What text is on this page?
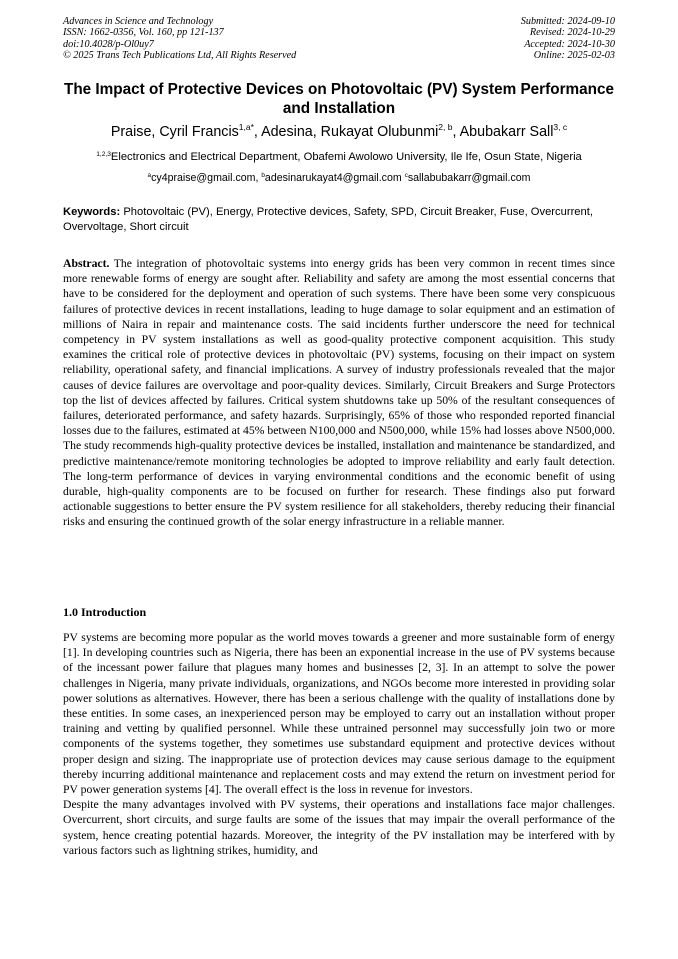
Advances in Science and Technology
ISSN: 1662-0356, Vol. 160, pp 121-137
doi:10.4028/p-Ol0uy7
© 2025 Trans Tech Publications Ltd, All Rights Reserved
Submitted: 2024-09-10
Revised: 2024-10-29
Accepted: 2024-10-30
Online: 2025-02-03
The Impact of Protective Devices on Photovoltaic (PV) System Performance and Installation
Praise, Cyril Francis$^{1,a*}$, Adesina, Rukayat Olubunmi$^{2, b}$, Abubakarr Sall$^{3, c}$
$^{1,2,3}$Electronics and Electrical Department, Obafemi Awolowo University, Ile Ife, Osun State, Nigeria
$^a$cy4praise@gmail.com, $^b$adesinarukayat4@gmail.com $^c$sallabubakarr@gmail.com
Keywords: Photovoltaic (PV), Energy, Protective devices, Safety, SPD, Circuit Breaker, Fuse, Overcurrent, Overvoltage, Short circuit
Abstract. The integration of photovoltaic systems into energy grids has been very common in recent times since more renewable forms of energy are sought after. Reliability and safety are among the most essential concerns that have to be considered for the deployment and operation of such systems. There have been some very conspicuous failures of protective devices in recent installations, leading to huge damage to solar equipment and an estimation of millions of Naira in repair and maintenance costs. The said incidents further underscore the need for technical competency in PV system installations as well as good-quality protective component acquisition. This study examines the critical role of protective devices in photovoltaic (PV) systems, focusing on their impact on system reliability, operational safety, and financial implications. A survey of industry professionals revealed that the major causes of device failures are overvoltage and poor-quality devices. Similarly, Circuit Breakers and Surge Protectors top the list of devices affected by failures. Critical system shutdowns take up 50% of the resultant consequences of failures, deteriorated performance, and safety hazards. Surprisingly, 65% of those who responded reported financial losses due to the failures, estimated at 45% between N100,000 and N500,000, while 15% had losses above N500,000. The study recommends high-quality protective devices be installed, installation and maintenance be standardized, and predictive maintenance/remote monitoring technologies be adopted to improve reliability and early fault detection. The long-term performance of devices in varying environmental conditions and the economic benefit of using durable, high-quality components are to be focused on further for research. These findings also put forward actionable suggestions to better ensure the PV system resilience for all stakeholders, thereby reducing their financial risks and ensuring the continued growth of the solar energy infrastructure in a reliable manner.
1.0 Introduction

PV systems are becoming more popular as the world moves towards a greener and more sustainable form of energy [1]. In developing countries such as Nigeria, there has been an exponential increase in the use of PV systems because of the incessant power failure that plagues many homes and businesses [2, 3]. In an attempt to solve the power challenges in Nigeria, many private individuals, organizations, and NGOs become more interested in providing solar power solutions as alternatives. However, there has been a serious challenge with the quality of installations done by these entities. In some cases, an inexperienced person may be employed to carry out an installation without proper training and vetting by qualified personnel. While these untrained personnel may successfully join two or more components of the systems together, they sometimes use substandard equipment and protective devices without proper design and sizing. The inappropriate use of protection devices may cause serious damage to the equipment thereby incurring additional maintenance and replacement costs and may extend the return on investment period for PV power generation systems [4]. The overall effect is the loss in revenue for investors.

Despite the many advantages involved with PV systems, their operations and installations face major challenges. Overcurrent, short circuits, and surge faults are some of the issues that may impair the overall performance of the system, hence creating potential hazards. Moreover, the integrity of the PV installation may be interfered with by various factors such as lightning strikes, humidity, and
